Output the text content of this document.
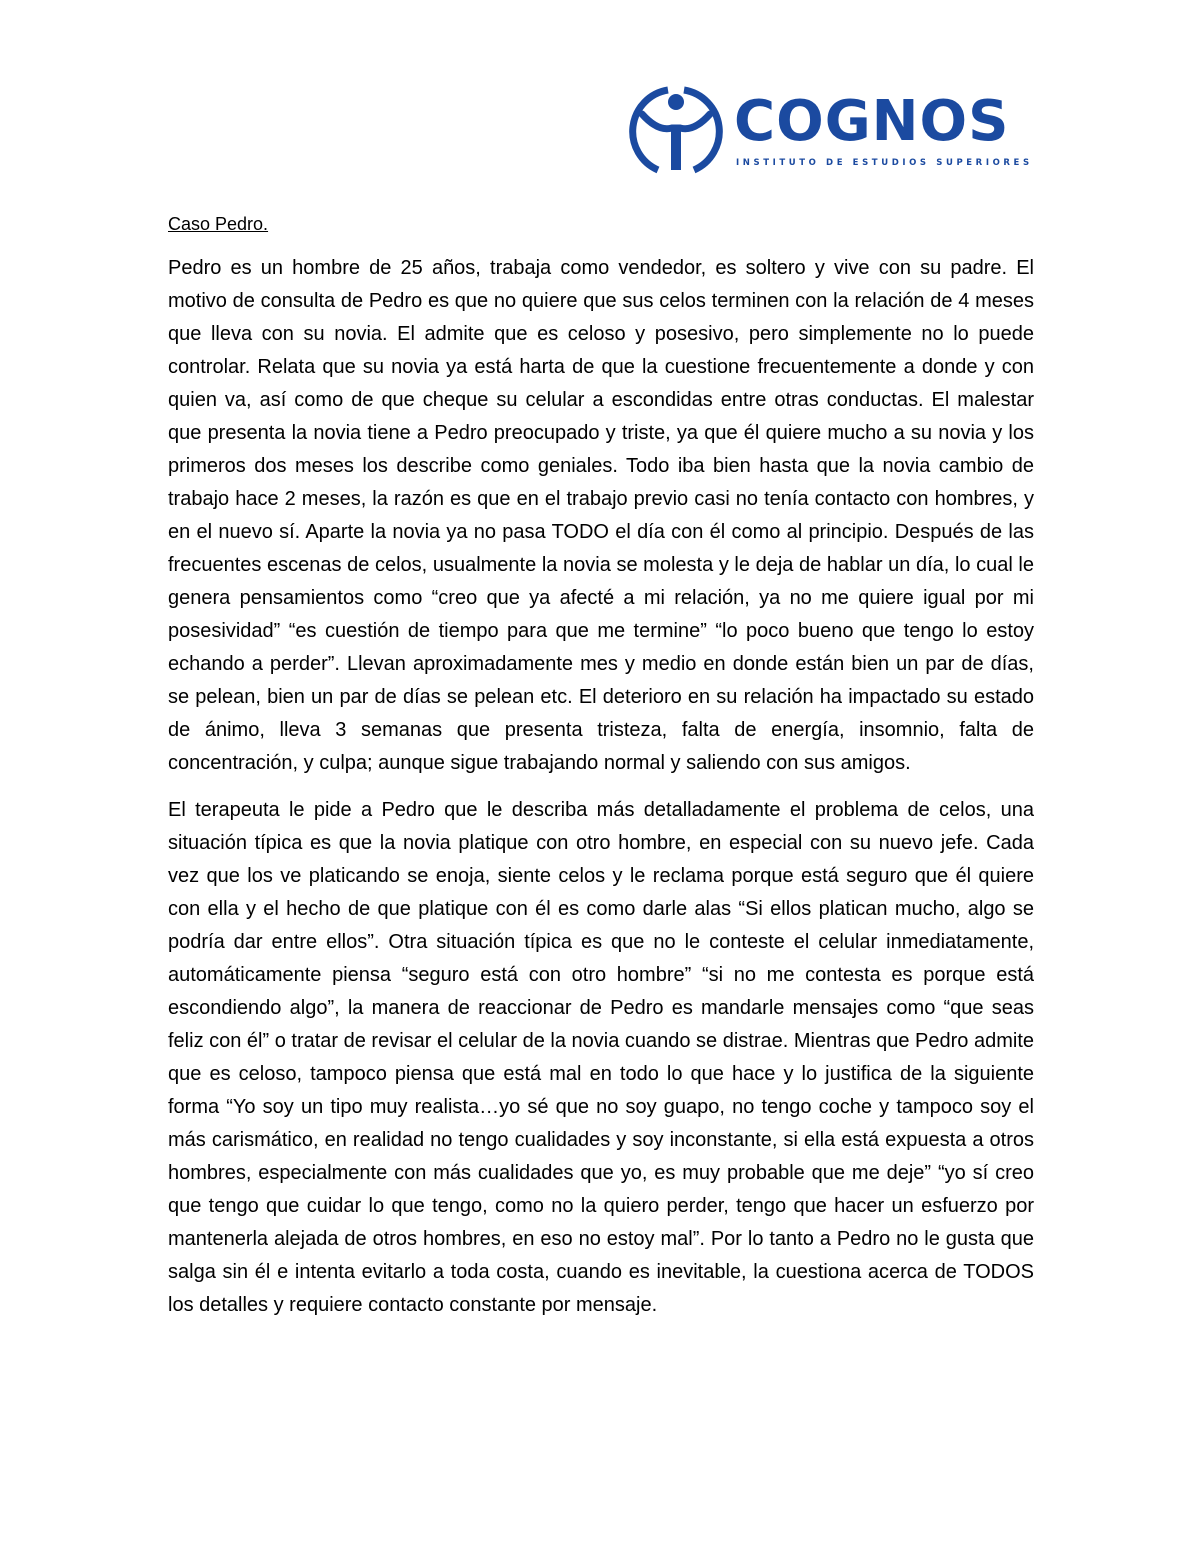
COGNOS
INSTITUTO DE ESTUDIOS SUPERIORES
Caso Pedro.

Pedro es un hombre de 25 años, trabaja como vendedor, es soltero y vive con su padre. El motivo de consulta de Pedro es que no quiere que sus celos terminen con la relación de 4 meses que lleva con su novia. El admite que es celoso y posesivo, pero simplemente no lo puede controlar. Relata que su novia ya está harta de que la cuestione frecuentemente a donde y con quien va, así como de que cheque su celular a escondidas entre otras conductas. El malestar que presenta la novia tiene a Pedro preocupado y triste, ya que él quiere mucho a su novia y los primeros dos meses los describe como geniales. Todo iba bien hasta que la novia cambio de trabajo hace 2 meses, la razón es que en el trabajo previo casi no tenía contacto con hombres, y en el nuevo sí. Aparte la novia ya no pasa TODO el día con él como al principio. Después de las frecuentes escenas de celos, usualmente la novia se molesta y le deja de hablar un día, lo cual le genera pensamientos como “creo que ya afecté a mi relación, ya no me quiere igual por mi posesividad” “es cuestión de tiempo para que me termine” “lo poco bueno que tengo lo estoy echando a perder”. Llevan aproximadamente mes y medio en donde están bien un par de días, se pelean, bien un par de días se pelean etc. El deterioro en su relación ha impactado su estado de ánimo, lleva 3 semanas que presenta tristeza, falta de energía, insomnio, falta de concentración, y culpa; aunque sigue trabajando normal y saliendo con sus amigos.

El terapeuta le pide a Pedro que le describa más detalladamente el problema de celos, una situación típica es que la novia platique con otro hombre, en especial con su nuevo jefe. Cada vez que los ve platicando se enoja, siente celos y le reclama porque está seguro que él quiere con ella y el hecho de que platique con él es como darle alas “Si ellos platican mucho, algo se podría dar entre ellos”. Otra situación típica es que no le conteste el celular inmediatamente, automáticamente piensa “seguro está con otro hombre” “si no me contesta es porque está escondiendo algo”, la manera de reaccionar de Pedro es mandarle mensajes como “que seas feliz con él” o tratar de revisar el celular de la novia cuando se distrae. Mientras que Pedro admite que es celoso, tampoco piensa que está mal en todo lo que hace y lo justifica de la siguiente forma “Yo soy un tipo muy realista…yo sé que no soy guapo, no tengo coche y tampoco soy el más carismático, en realidad no tengo cualidades y soy inconstante, si ella está expuesta a otros hombres, especialmente con más cualidades que yo, es muy probable que me deje” “yo sí creo que tengo que cuidar lo que tengo, como no la quiero perder, tengo que hacer un esfuerzo por mantenerla alejada de otros hombres, en eso no estoy mal”. Por lo tanto a Pedro no le gusta que salga sin él e intenta evitarlo a toda costa, cuando es inevitable, la cuestiona acerca de TODOS los detalles y requiere contacto constante por mensaje.
